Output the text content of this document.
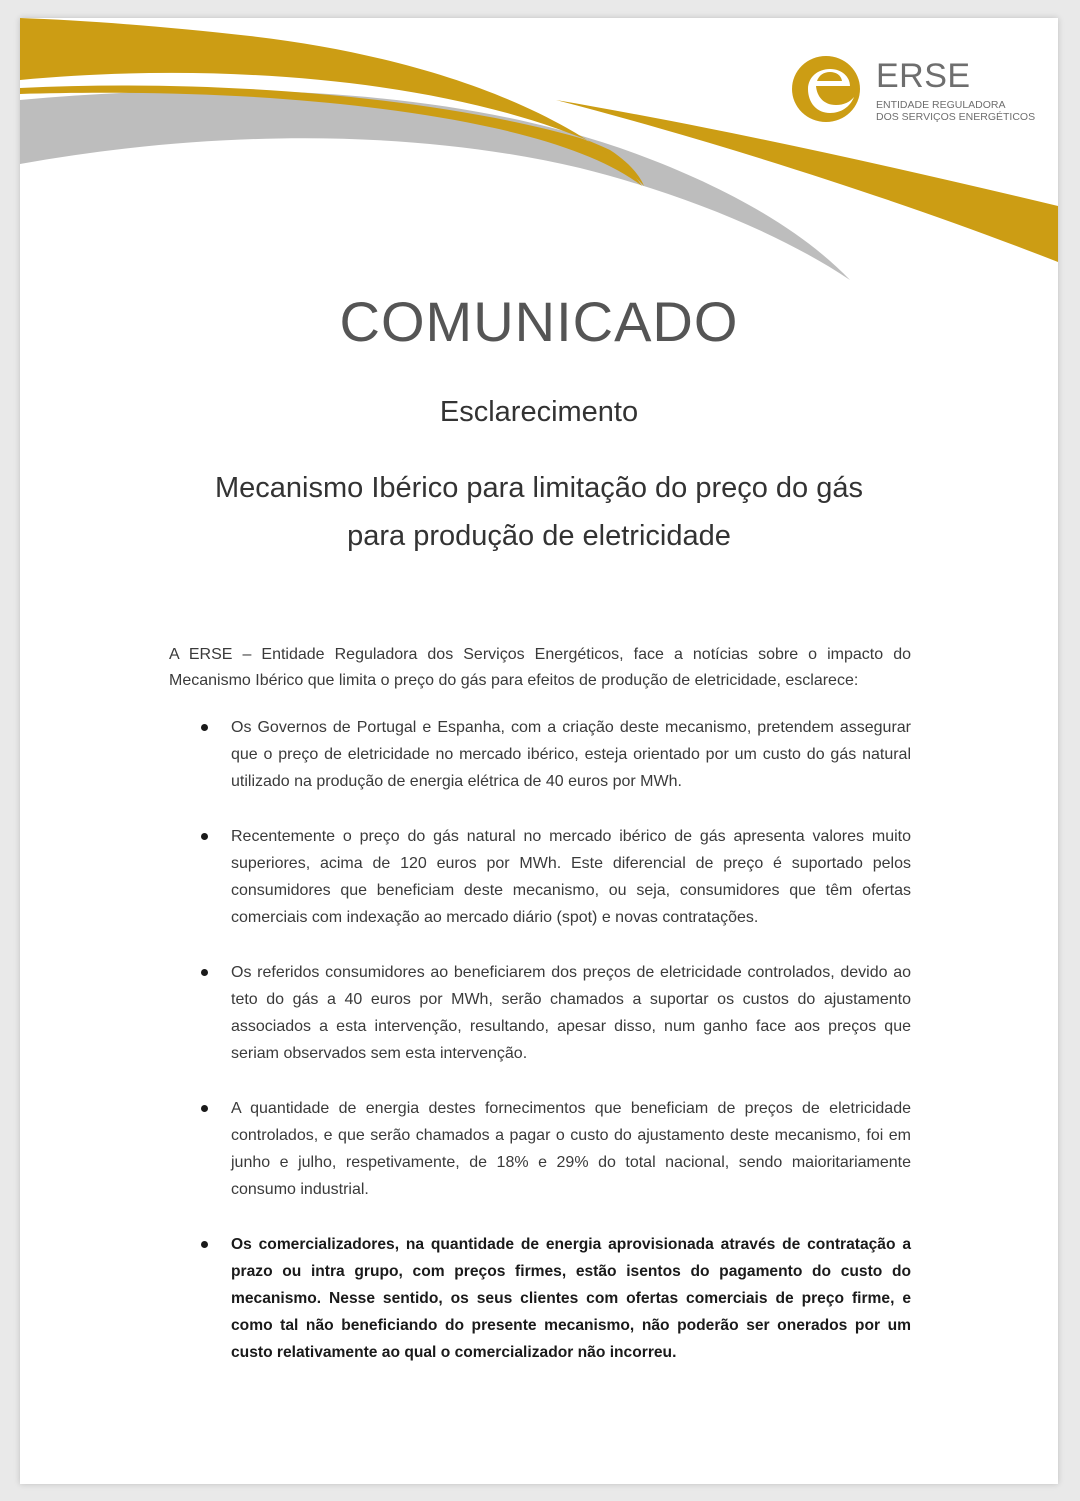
ERSE
ENTIDADE REGULADORA
DOS SERVIÇOS ENERGÉTICOS
COMUNICADO
Esclarecimento
Mecanismo Ibérico para limitação do preço do gás
para produção de eletricidade

A ERSE – Entidade Reguladora dos Serviços Energéticos, face a notícias sobre o impacto do Mecanismo Ibérico que limita o preço do gás para efeitos de produção de eletricidade, esclarece:

Os Governos de Portugal e Espanha, com a criação deste mecanismo, pretendem assegurar que o preço de eletricidade no mercado ibérico, esteja orientado por um custo do gás natural utilizado na produção de energia elétrica de 40 euros por MWh.
Recentemente o preço do gás natural no mercado ibérico de gás apresenta valores muito superiores, acima de 120 euros por MWh. Este diferencial de preço é suportado pelos consumidores que beneficiam deste mecanismo, ou seja, consumidores que têm ofertas comerciais com indexação ao mercado diário (spot) e novas contratações.
Os referidos consumidores ao beneficiarem dos preços de eletricidade controlados, devido ao teto do gás a 40 euros por MWh, serão chamados a suportar os custos do ajustamento associados a esta intervenção, resultando, apesar disso, num ganho face aos preços que seriam observados sem esta intervenção.
A quantidade de energia destes fornecimentos que beneficiam de preços de eletricidade controlados, e que serão chamados a pagar o custo do ajustamento deste mecanismo, foi em junho e julho, respetivamente, de 18% e 29% do total nacional, sendo maioritariamente consumo industrial.
Os comercializadores, na quantidade de energia aprovisionada através de contratação a prazo ou intra grupo, com preços firmes, estão isentos do pagamento do custo do mecanismo. Nesse sentido, os seus clientes com ofertas comerciais de preço firme, e como tal não beneficiando do presente mecanismo, não poderão ser onerados por um custo relativamente ao qual o comercializador não incorreu.
